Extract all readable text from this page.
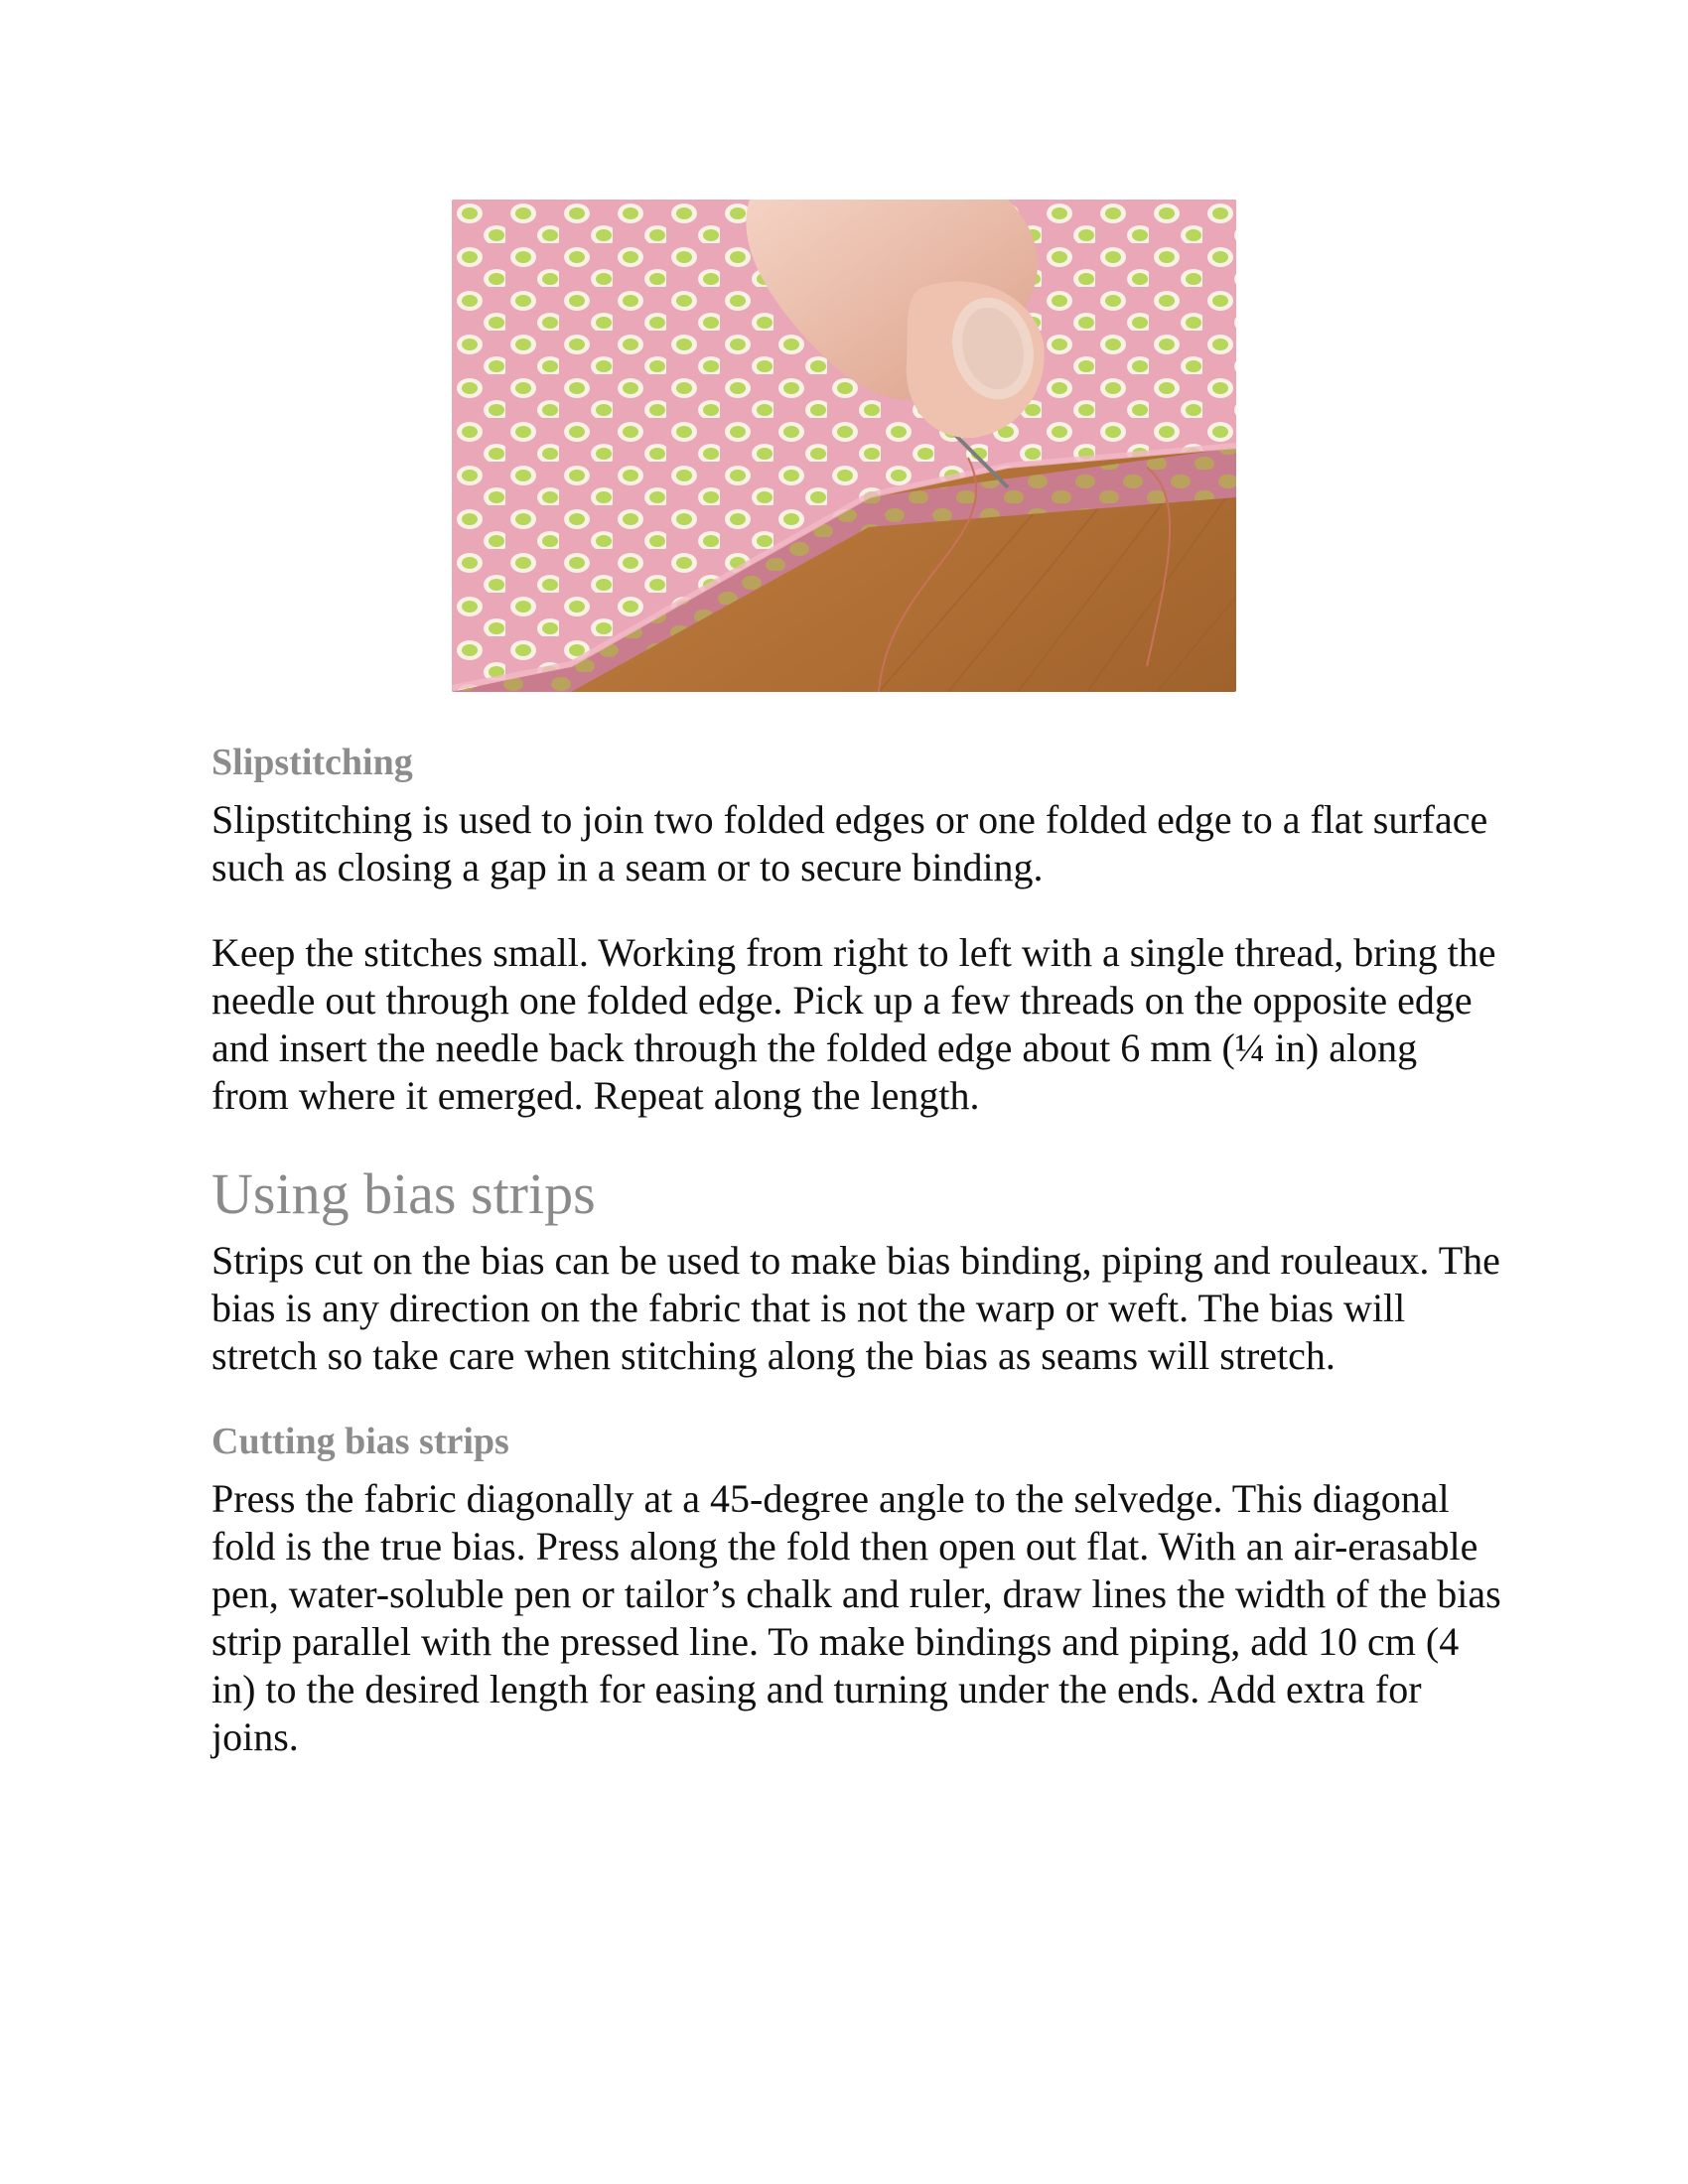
Slipstitching

Slipstitching is used to join two folded edges or one folded edge to a flat surface such as closing a gap in a seam or to secure binding.

Keep the stitches small. Working from right to left with a single thread, bring the needle out through one folded edge. Pick up a few threads on the opposite edge and insert the needle back through the folded edge about 6 mm (¼ in) along from where it emerged. Repeat along the length.

Using bias strips

Strips cut on the bias can be used to make bias binding, piping and rouleaux. The bias is any direction on the fabric that is not the warp or weft. The bias will stretch so take care when stitching along the bias as seams will stretch.

Cutting bias strips

Press the fabric diagonally at a 45-degree angle to the selvedge. This diagonal fold is the true bias. Press along the fold then open out flat. With an air-erasable pen, water-soluble pen or tailor’s chalk and ruler, draw lines the width of the bias strip parallel with the pressed line. To make bindings and piping, add 10 cm (4 in) to the desired length for easing and turning under the ends. Add extra for joins.
